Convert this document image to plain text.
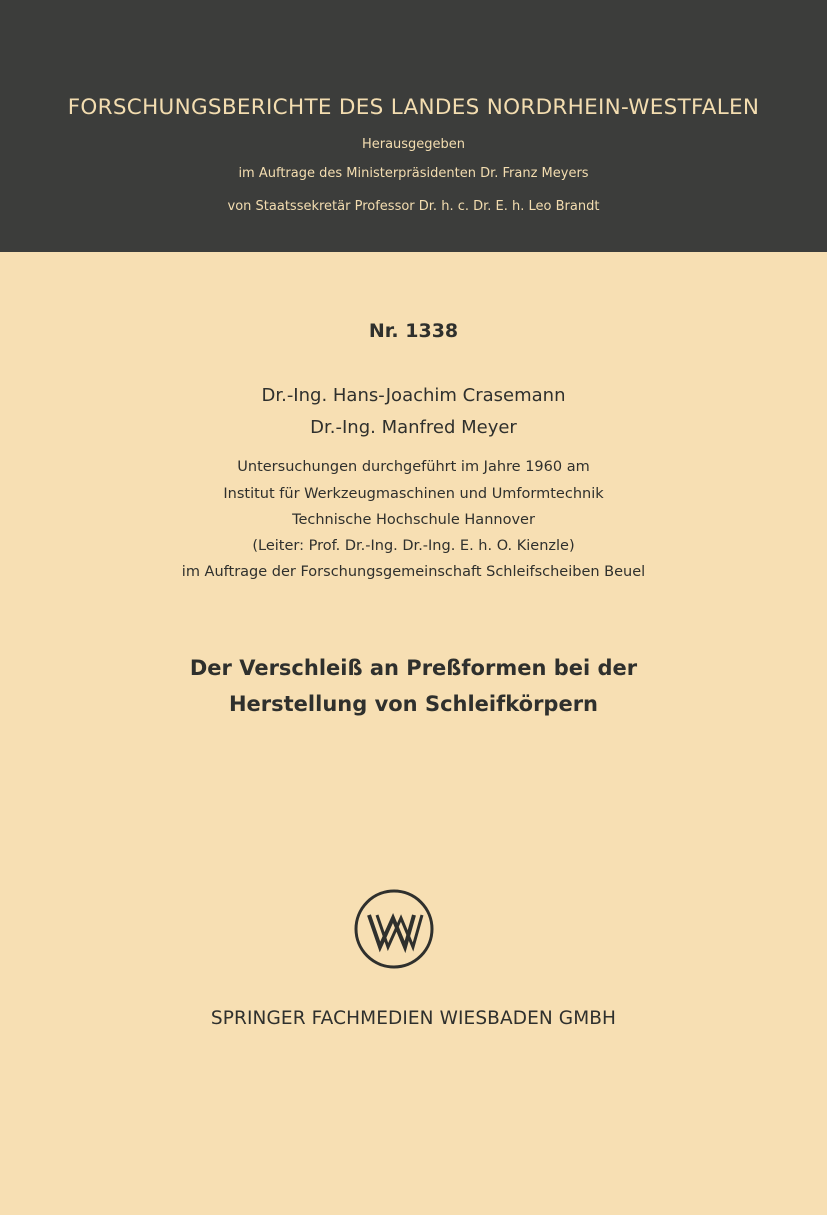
FORSCHUNGSBERICHTE DES LANDES NORDRHEIN-WESTFALEN
Herausgegeben
im Auftrage des Ministerpräsidenten Dr. Franz Meyers
von Staatssekretär Professor Dr. h. c. Dr. E. h. Leo Brandt
Nr. 1338
Dr.-Ing. Hans-Joachim Crasemann
Dr.-Ing. Manfred Meyer
Untersuchungen durchgeführt im Jahre 1960 am
Institut für Werkzeugmaschinen und Umformtechnik
Technische Hochschule Hannover
(Leiter: Prof. Dr.-Ing. Dr.-Ing. E. h. O. Kienzle)
im Auftrage der Forschungsgemeinschaft Schleifscheiben Beuel
Der Verschleiß an Preßformen bei der
Herstellung von Schleifkörpern
SPRINGER FACHMEDIEN WIESBADEN GMBH
